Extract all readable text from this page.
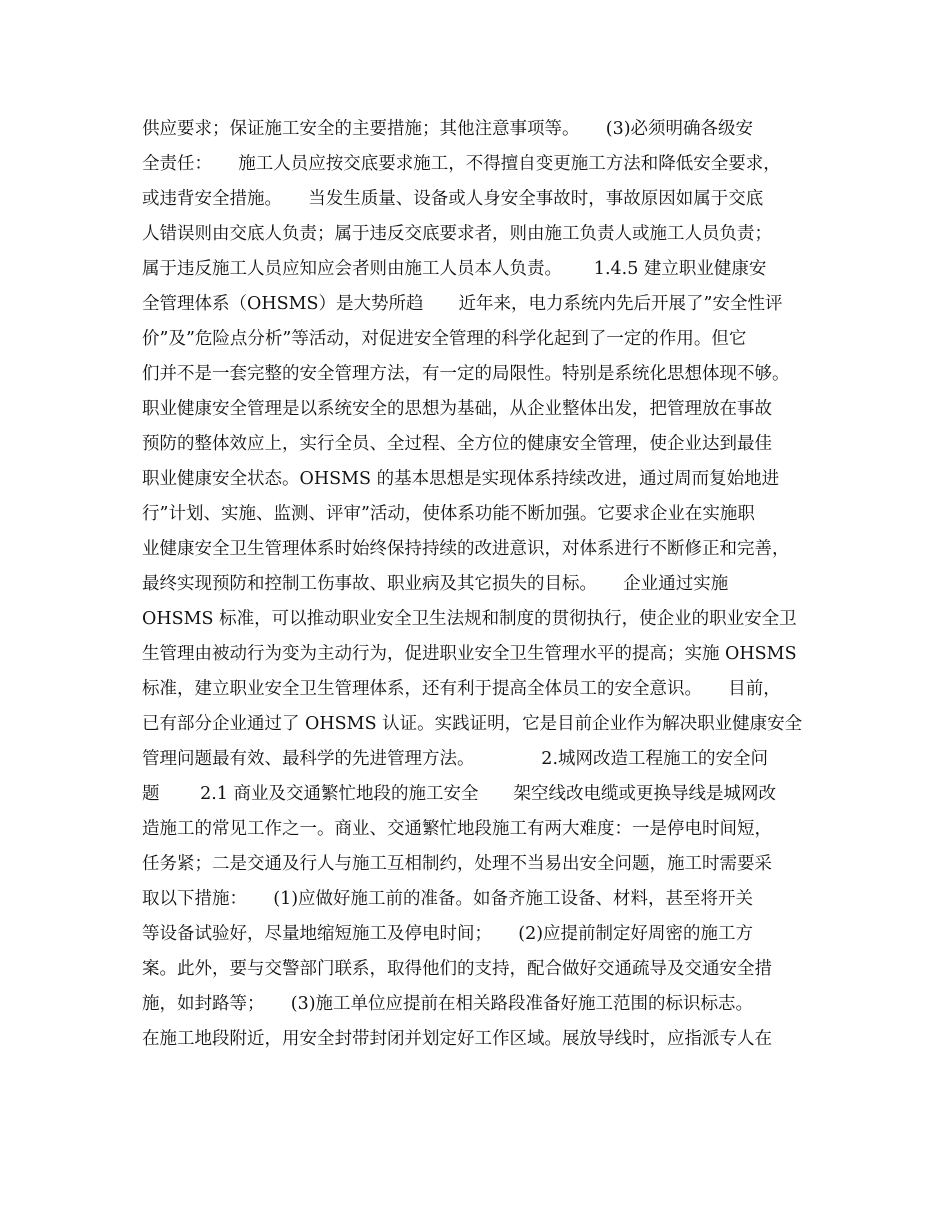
供应要求；保证施工安全的主要措施；其他注意事项等。　　(3)必须明确各级安
全责任：　　施工人员应按交底要求施工，不得擅自变更施工方法和降低安全要求，
或违背安全措施。　　当发生质量、设备或人身安全事故时，事故原因如属于交底
人错误则由交底人负责；属于违反交底要求者，则由施工负责人或施工人员负责；
属于违反施工人员应知应会者则由施工人员本人负责。　　 1.4.5 建立职业健康安
全管理体系（OHSMS）是大势所趋　　近年来，电力系统内先后开展了”安全性评
价”及”危险点分析”等活动，对促进安全管理的科学化起到了一定的作用。但它
们并不是一套完整的安全管理方法，有一定的局限性。特别是系统化思想体现不够。
职业健康安全管理是以系统安全的思想为基础，从企业整体出发，把管理放在事故
预防的整体效应上，实行全员、全过程、全方位的健康安全管理，使企业达到最佳
职业健康安全状态。OHSMS 的基本思想是实现体系持续改进，通过周而复始地进
行”计划、实施、监测、评审”活动，使体系功能不断加强。它要求企业在实施职
业健康安全卫生管理体系时始终保持持续的改进意识，对体系进行不断修正和完善，
最终实现预防和控制工伤事故、职业病及其它损失的目标。　　企业通过实施
OHSMS 标准，可以推动职业安全卫生法规和制度的贯彻执行，使企业的职业安全卫
生管理由被动行为变为主动行为，促进职业安全卫生管理水平的提高；实施 OHSMS
标准，建立职业安全卫生管理体系，还有利于提高全体员工的安全意识。　　目前，
已有部分企业通过了 OHSMS 认证。实践证明，它是目前企业作为解决职业健康安全
管理问题最有效、最科学的先进管理方法。　　　　 2.城网改造工程施工的安全问
题　　 2.1 商业及交通繁忙地段的施工安全　　架空线改电缆或更换导线是城网改
造施工的常见工作之一。商业、交通繁忙地段施工有两大难度：一是停电时间短，
任务紧；二是交通及行人与施工互相制约，处理不当易出安全问题，施工时需要采
取以下措施：　　(1)应做好施工前的准备。如备齐施工设备、材料，甚至将开关
等设备试验好，尽量地缩短施工及停电时间；　　(2)应提前制定好周密的施工方
案。此外，要与交警部门联系，取得他们的支持，配合做好交通疏导及交通安全措
施，如封路等；　　(3)施工单位应提前在相关路段准备好施工范围的标识标志。
在施工地段附近，用安全封带封闭并划定好工作区域。展放导线时，应指派专人在
